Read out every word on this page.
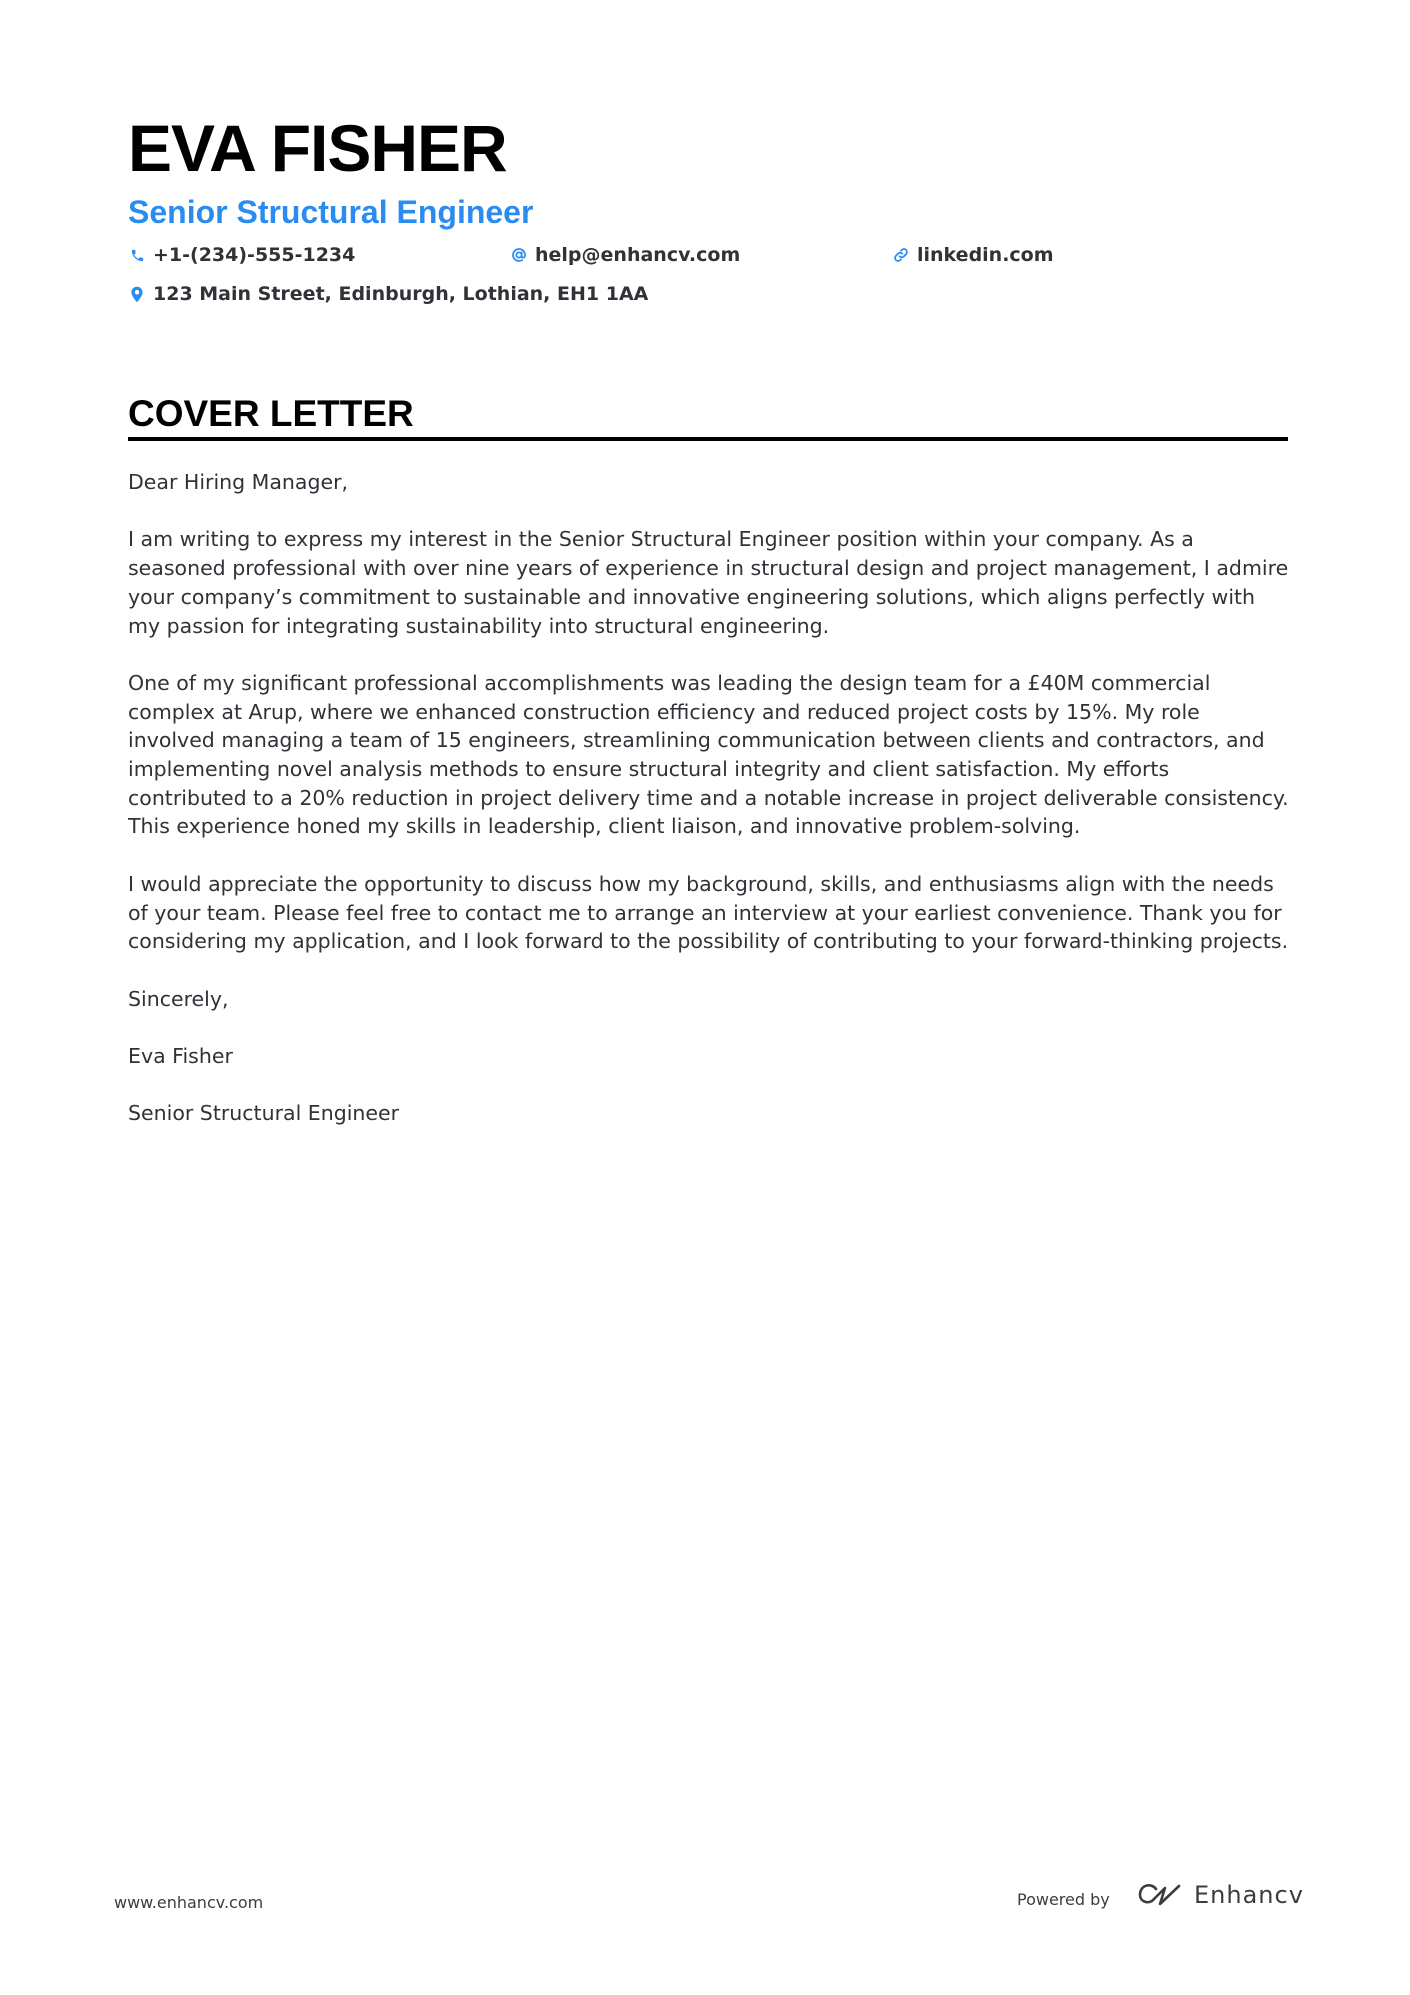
EVA FISHER
Senior Structural Engineer
+1-(234)-555-1234	help@enhancv.com	linkedin.com
123 Main Street, Edinburgh, Lothian, EH1 1AA
COVER LETTER

Dear Hiring Manager,

I am writing to express my interest in the Senior Structural Engineer position within your company. As a seasoned professional with over nine years of experience in structural design and project management, I admire your company’s commitment to sustainable and innovative engineering solutions, which aligns perfectly with my passion for integrating sustainability into structural engineering.

One of my significant professional accomplishments was leading the design team for a £40M commercial complex at Arup, where we enhanced construction efficiency and reduced project costs by 15%. My role involved managing a team of 15 engineers, streamlining communication between clients and contractors, and implementing novel analysis methods to ensure structural integrity and client satisfaction. My efforts contributed to a 20% reduction in project delivery time and a notable increase in project deliverable consistency. This experience honed my skills in leadership, client liaison, and innovative problem-solving.

I would appreciate the opportunity to discuss how my background, skills, and enthusiasms align with the needs of your team. Please feel free to contact me to arrange an interview at your earliest convenience. Thank you for considering my application, and I look forward to the possibility of contributing to your forward-thinking projects.

Sincerely,

Eva Fisher

Senior Structural Engineer

www.enhancv.com	Powered by	Enhancv
